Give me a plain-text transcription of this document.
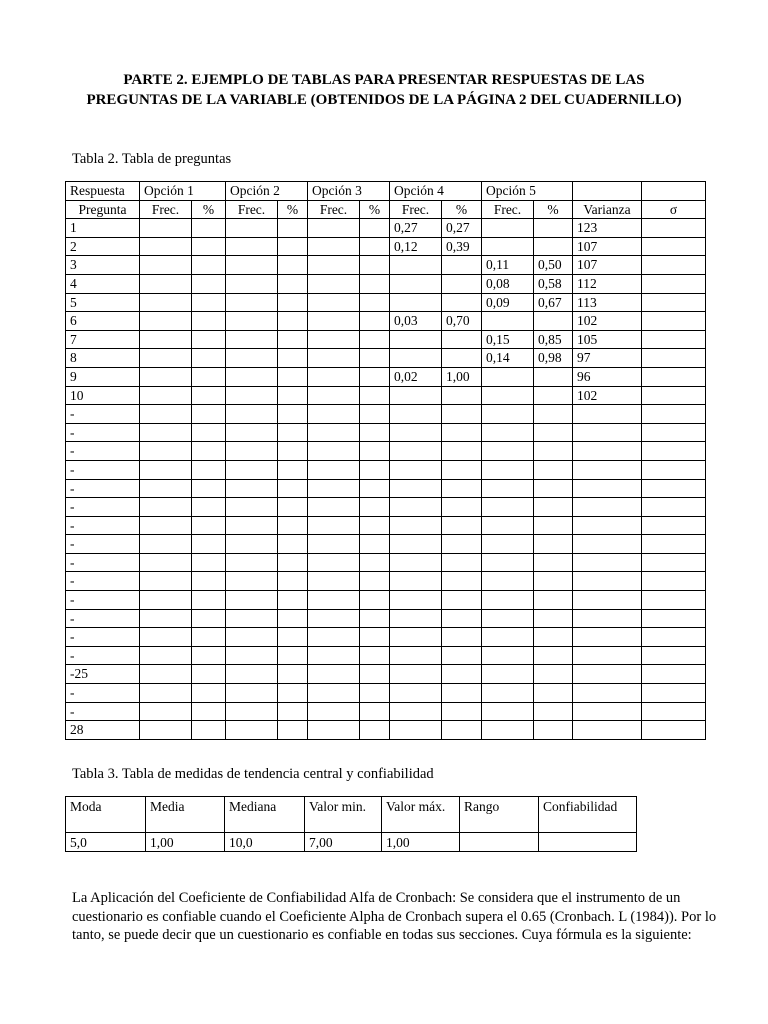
PARTE 2. EJEMPLO DE TABLAS PARA PRESENTAR RESPUESTAS DE LAS
PREGUNTAS DE LA VARIABLE (OBTENIDOS DE LA PÁGINA 2 DEL CUADERNILLO)
Tabla 2. Tabla de preguntas
Respuesta	Opción 1		Opción 2		Opción 3		Opción 4		Opción 5			
Pregunta	Frec.	%	Frec.	%	Frec.	%	Frec.	%	Frec.	%	Varianza	σ
1							0,27	0,27			123	
2							0,12	0,39			107	
3									0,11	0,50	107	
4									0,08	0,58	112	
5									0,09	0,67	113	
6							0,03	0,70			102	
7									0,15	0,85	105	
8									0,14	0,98	97	
9							0,02	1,00			96	
10											102	
-												
-												
-												
-												
-												
-												
-												
-												
-												
-												
-												
-												
-												
-												
-25												
-												
-												
28												
Tabla 3. Tabla de medidas de tendencia central y confiabilidad
Moda	Media	Mediana	Valor min.	Valor máx.	Rango	Confiabilidad
5,0	1,00	10,0	7,00	1,00		
La Aplicación del Coeficiente de Confiabilidad Alfa de Cronbach: Se considera que el instrumento de un cuestionario es confiable cuando el Coeficiente Alpha de Cronbach supera el 0.65 (Cronbach. L (1984)). Por lo tanto, se puede decir que un cuestionario es confiable en todas sus secciones. Cuya fórmula es la siguiente:
